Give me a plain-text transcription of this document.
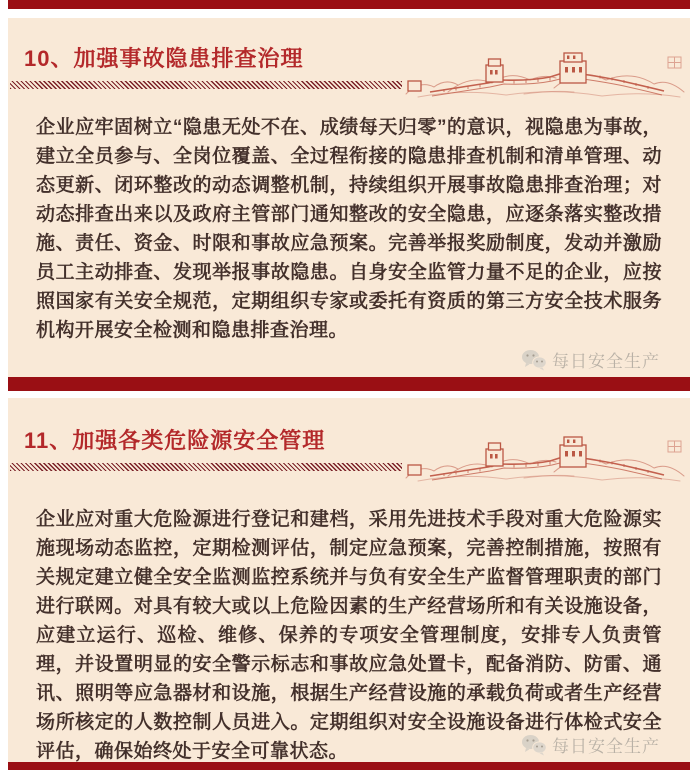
10、加强事故隐患排查治理

企业应牢固树立“隐患无处不在、成绩每天归零”的意识，视隐患为事故，建立全员参与、全岗位覆盖、全过程衔接的隐患排查机制和清单管理、动态更新、闭环整改的动态调整机制，持续组织开展事故隐患排查治理；对动态排查出来以及政府主管部门通知整改的安全隐患，应逐条落实整改措施、责任、资金、时限和事故应急预案。完善举报奖励制度，发动并激励员工主动排查、发现举报事故隐患。自身安全监管力量不足的企业，应按照国家有关安全规范，定期组织专家或委托有资质的第三方安全技术服务机构开展安全检测和隐患排查治理。

每日安全生产
11、加强各类危险源安全管理

企业应对重大危险源进行登记和建档，采用先进技术手段对重大危险源实施现场动态监控，定期检测评估，制定应急预案，完善控制措施，按照有关规定建立健全安全监测监控系统并与负有安全生产监督管理职责的部门进行联网。对具有较大或以上危险因素的生产经营场所和有关设施设备，应建立运行、巡检、维修、保养的专项安全管理制度，安排专人负责管理，并设置明显的安全警示标志和事故应急处置卡，配备消防、防雷、通讯、照明等应急器材和设施，根据生产经营设施的承载负荷或者生产经营场所核定的人数控制人员进入。定期组织对安全设施设备进行体检式安全评估，确保始终处于安全可靠状态。	每日安全生产
